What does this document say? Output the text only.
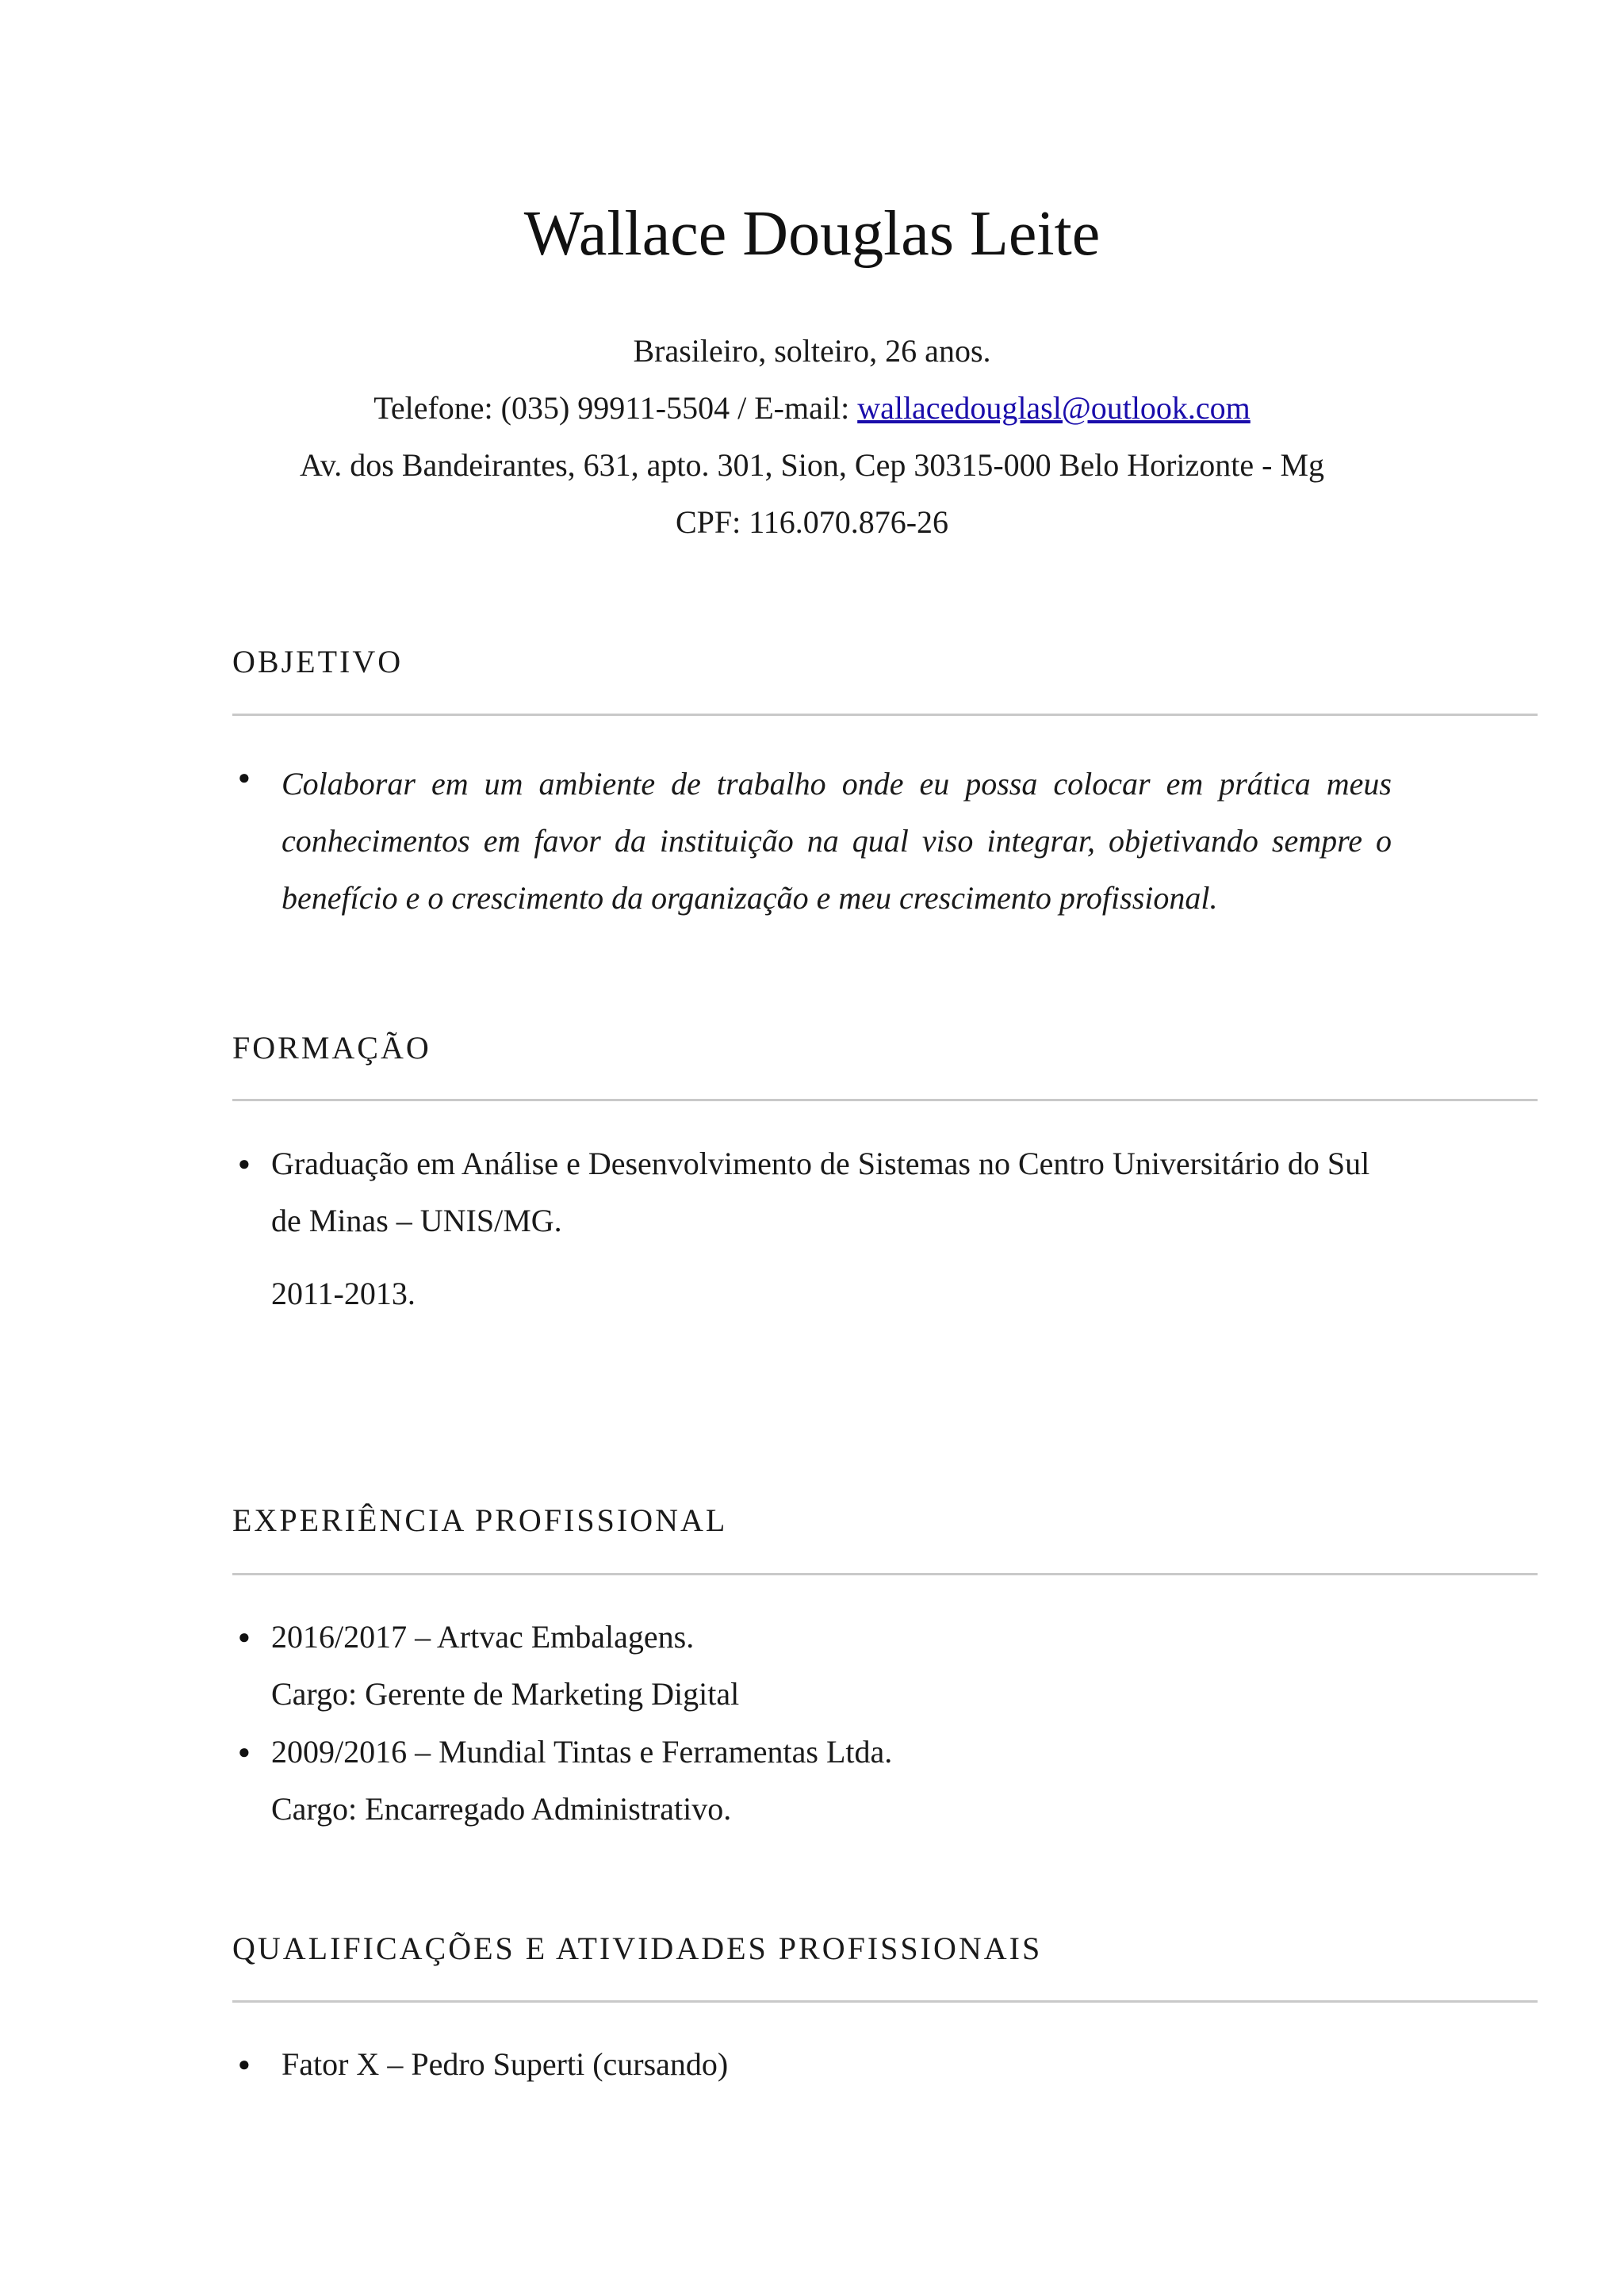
Wallace Douglas Leite
Brasileiro, solteiro, 26 anos.
Telefone: (035) 99911-5504 / E-mail: wallacedouglasl@outlook.com
Av. dos Bandeirantes, 631, apto. 301, Sion, Cep 30315-000 Belo Horizonte - Mg
CPF: 116.070.876-26
OBJETIVO
● Colaborar em um ambiente de trabalho onde eu possa colocar em prática meus conhecimentos em favor da instituição na qual viso integrar, objetivando sempre o benefício e o crescimento da organização e meu crescimento profissional.
FORMAÇÃO
● Graduação em Análise e Desenvolvimento de Sistemas no Centro Universitário do Sul
de Minas – UNIS/MG.
2011-2013.
EXPERIÊNCIA PROFISSIONAL
● 2016/2017 – Artvac Embalagens.
Cargo: Gerente de Marketing Digital
● 2009/2016 – Mundial Tintas e Ferramentas Ltda.
Cargo: Encarregado Administrativo.
QUALIFICAÇÕES E ATIVIDADES PROFISSIONAIS
● Fator X – Pedro Superti (cursando)
